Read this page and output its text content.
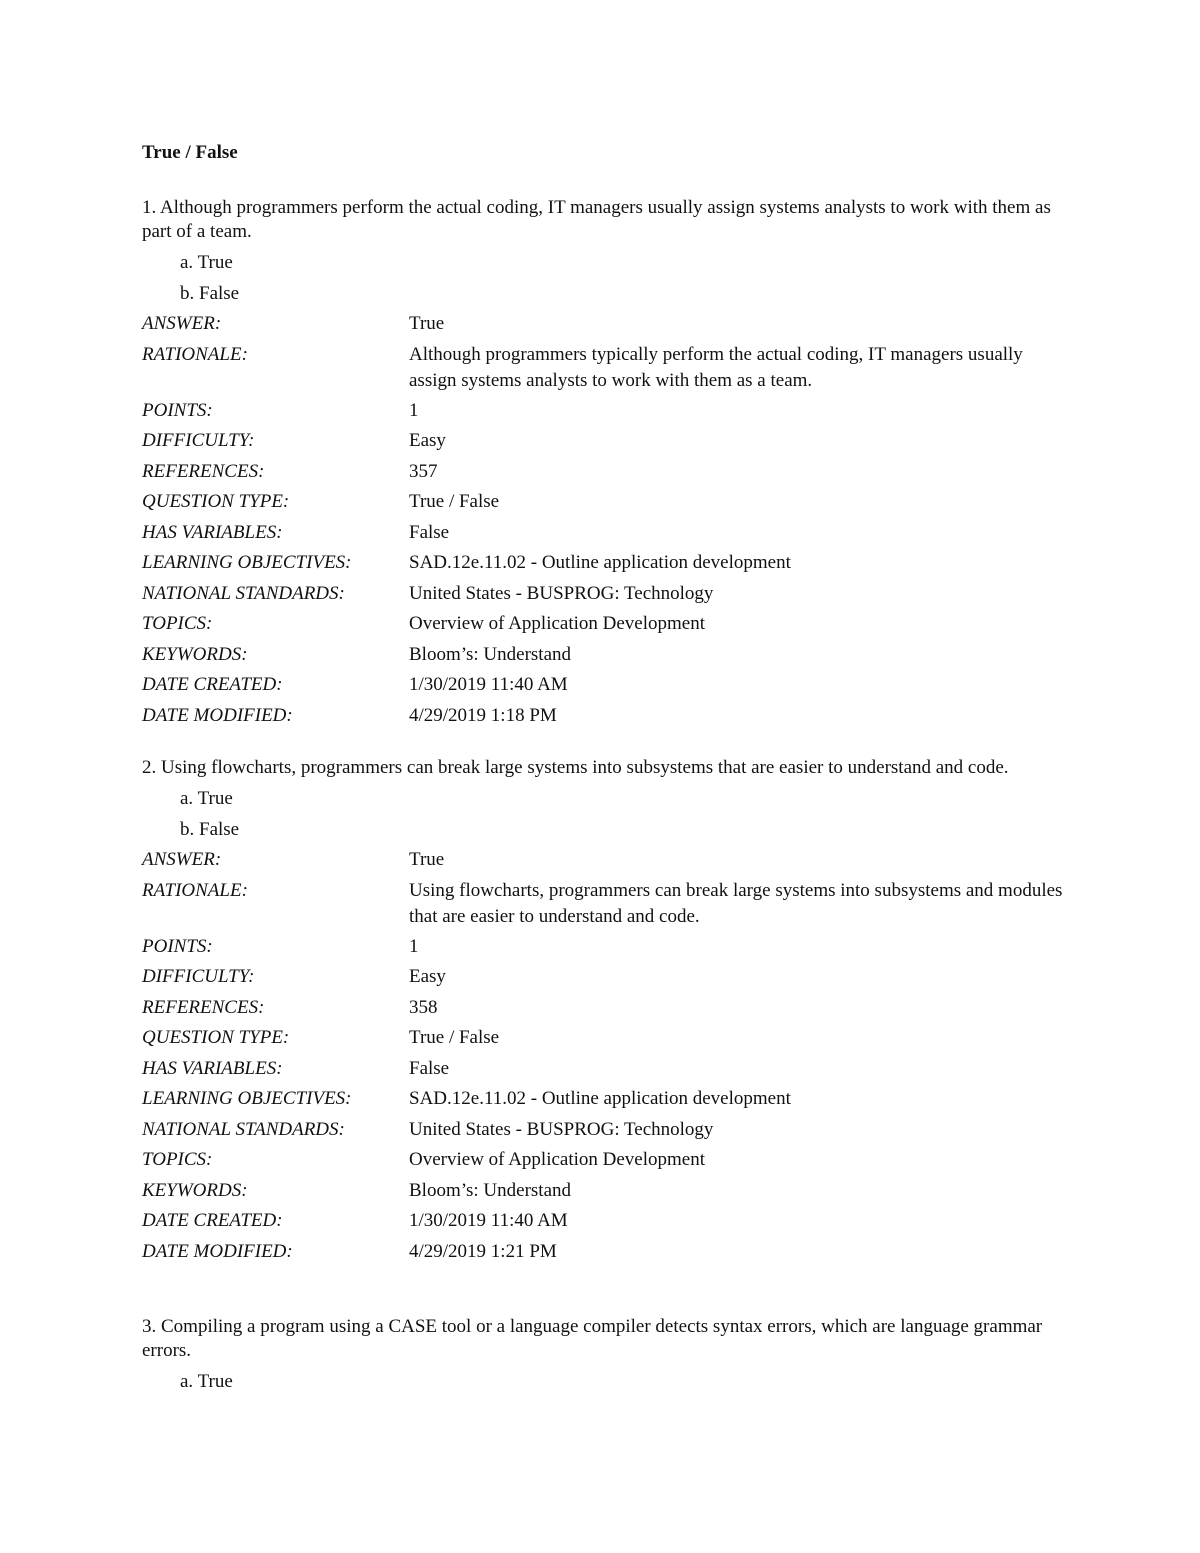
True / False

1. Although programmers perform the actual coding, IT managers usually assign systems analysts to work with them as part of a team.

a. True
b. False
ANSWER:	True
RATIONALE:	Although programmers typically perform the actual coding, IT managers usually assign systems analysts to work with them as a team.
POINTS:	1
DIFFICULTY:	Easy
REFERENCES:	357
QUESTION TYPE:	True / False
HAS VARIABLES:	False
LEARNING OBJECTIVES:	SAD.12e.11.02 - Outline application development
NATIONAL STANDARDS:	United States - BUSPROG: Technology
TOPICS:	Overview of Application Development
KEYWORDS:	Bloom’s: Understand
DATE CREATED:	1/30/2019 11:40 AM
DATE MODIFIED:	4/29/2019 1:18 PM

2. Using flowcharts, programmers can break large systems into subsystems that are easier to understand and code.

a. True
b. False
ANSWER:	True
RATIONALE:	Using flowcharts, programmers can break large systems into subsystems and modules that are easier to understand and code.
POINTS:	1
DIFFICULTY:	Easy
REFERENCES:	358
QUESTION TYPE:	True / False
HAS VARIABLES:	False
LEARNING OBJECTIVES:	SAD.12e.11.02 - Outline application development
NATIONAL STANDARDS:	United States - BUSPROG: Technology
TOPICS:	Overview of Application Development
KEYWORDS:	Bloom’s: Understand
DATE CREATED:	1/30/2019 11:40 AM
DATE MODIFIED:	4/29/2019 1:21 PM

3. Compiling a program using a CASE tool or a language compiler detects syntax errors, which are language grammar errors.

a. True
